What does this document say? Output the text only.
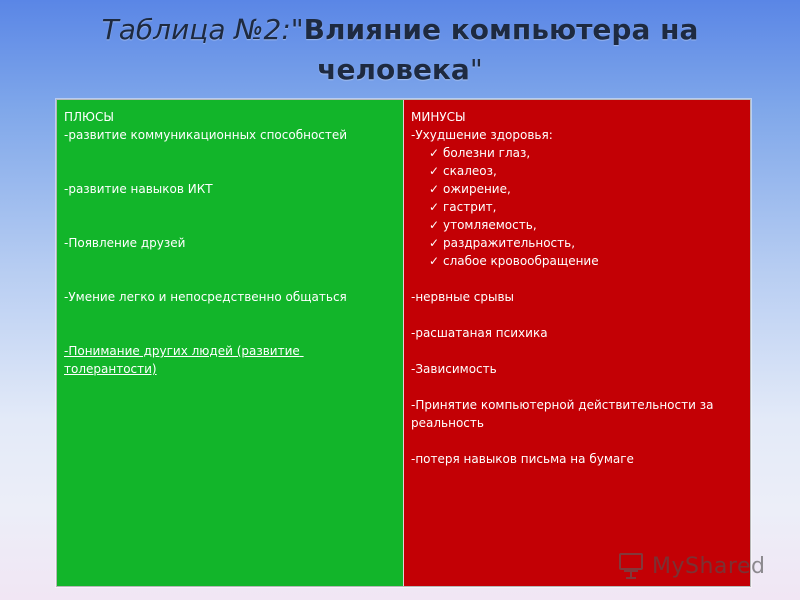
Таблица №2:"Влияние компьютера на человека"
ПЛЮСЫ
-развитие коммуникационных способностей
-развитие навыков ИКТ
-Появление друзей
-Умение легко и непосредственно общаться
-Понимание других людей (развитие толерантости)
МИНУСЫ
-Ухудшение здоровья:
✓ болезни глаз,
✓ скалеоз,
✓ ожирение,
✓ гастрит,
✓ утомляемость,
✓ раздражительность,
✓ слабое кровообращение
-нервные срывы
-расшатаная психика
-Зависимость
-Принятие компьютерной действительности за реальность
-потеря навыков письма на бумаге
MyShared
